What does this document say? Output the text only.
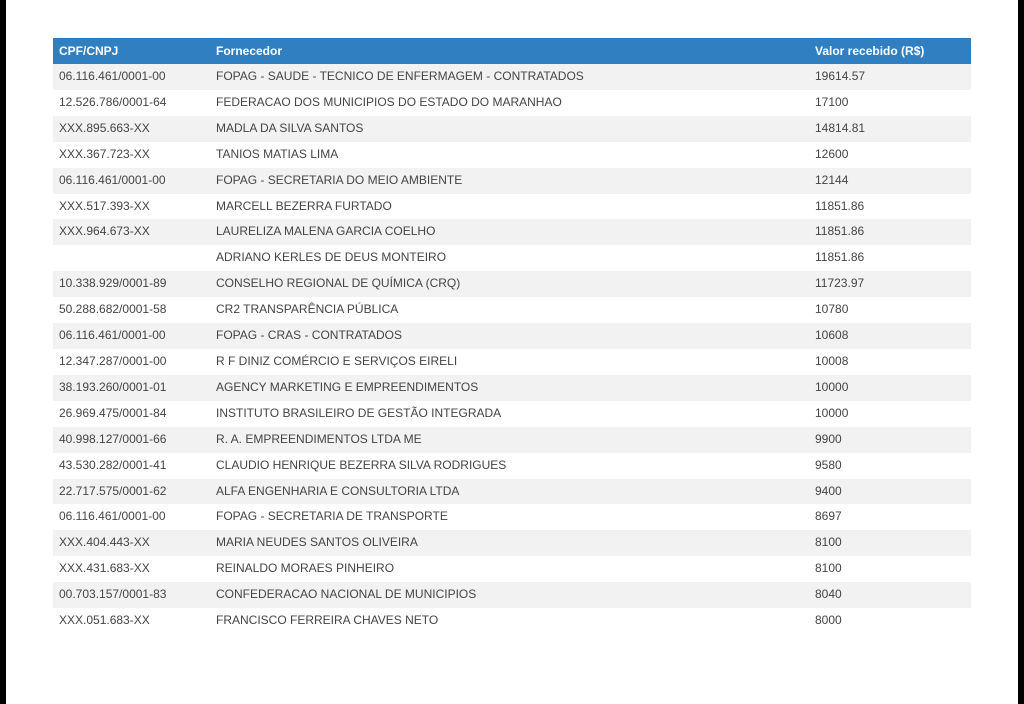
CPF/CNPJ	Fornecedor	Valor recebido (R$)
06.116.461/0001-00	FOPAG - SAUDE - TECNICO DE ENFERMAGEM - CONTRATADOS	19614.57
12.526.786/0001-64	FEDERACAO DOS MUNICIPIOS DO ESTADO DO MARANHAO	17100
XXX.895.663-XX	MADLA DA SILVA SANTOS	14814.81
XXX.367.723-XX	TANIOS MATIAS LIMA	12600
06.116.461/0001-00	FOPAG - SECRETARIA DO MEIO AMBIENTE	12144
XXX.517.393-XX	MARCELL BEZERRA FURTADO	11851.86
XXX.964.673-XX	LAURELIZA MALENA GARCIA COELHO	11851.86
	ADRIANO KERLES DE DEUS MONTEIRO	11851.86
10.338.929/0001-89	CONSELHO REGIONAL DE QUÍMICA (CRQ)	11723.97
50.288.682/0001-58	CR2 TRANSPARÊNCIA PÚBLICA	10780
06.116.461/0001-00	FOPAG - CRAS - CONTRATADOS	10608
12.347.287/0001-00	R F DINIZ COMÉRCIO E SERVIÇOS EIRELI	10008
38.193.260/0001-01	AGENCY MARKETING E EMPREENDIMENTOS	10000
26.969.475/0001-84	INSTITUTO BRASILEIRO DE GESTÃO INTEGRADA	10000
40.998.127/0001-66	R. A. EMPREENDIMENTOS LTDA ME	9900
43.530.282/0001-41	CLAUDIO HENRIQUE BEZERRA SILVA RODRIGUES	9580
22.717.575/0001-62	ALFA ENGENHARIA E CONSULTORIA LTDA	9400
06.116.461/0001-00	FOPAG - SECRETARIA DE TRANSPORTE	8697
XXX.404.443-XX	MARIA NEUDES SANTOS OLIVEIRA	8100
XXX.431.683-XX	REINALDO MORAES PINHEIRO	8100
00.703.157/0001-83	CONFEDERACAO NACIONAL DE MUNICIPIOS	8040
XXX.051.683-XX	FRANCISCO FERREIRA CHAVES NETO	8000
